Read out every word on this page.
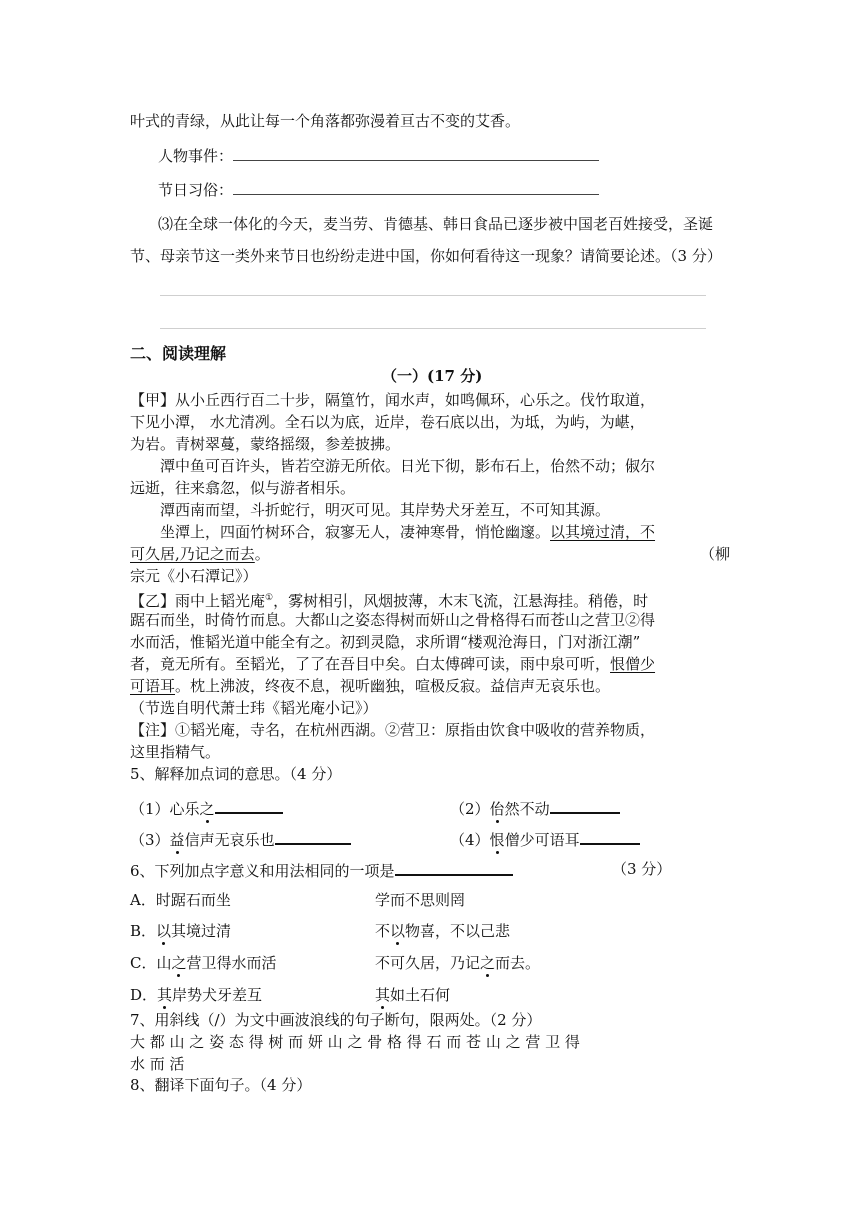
叶式的青绿，从此让每一个角落都弥漫着亘古不变的艾香。
人物事件：
节日习俗：
⑶在全球一体化的今天，麦当劳、肯德基、韩日食品已逐步被中国老百姓接受，圣诞
节、母亲节这一类外来节日也纷纷走进中国，你如何看待这一现象？请简要论述。（3 分）
二、阅读理解
（一）(17 分)
【甲】从小丘西行百二十步，隔篁竹，闻水声，如鸣佩环，心乐之。伐竹取道，
下见小潭， 水尤清冽。全石以为底，近岸，卷石底以出，为坻，为屿，为嵁，
为岩。青树翠蔓，蒙络摇缀，参差披拂。
潭中鱼可百许头，皆若空游无所依。日光下彻，影布石上，佁然不动；俶尔
远逝，往来翕忽，似与游者相乐。
潭西南而望，斗折蛇行，明灭可见。其岸势犬牙差互，不可知其源。
坐潭上，四面竹树环合，寂寥无人，凄神寒骨，悄怆幽邃。以其境过清，不
可久居,乃记之而去。	（柳
宗元《小石潭记》）
【乙】雨中上韬光庵①，雾树相引，风烟披薄，木末飞流，江悬海挂。稍倦，时
踞石而坐，时倚竹而息。大都山之姿态得树而妍山之骨格得石而苍山之营卫②得
水而活，惟韬光道中能全有之。初到灵隐，求所谓“楼观沧海日，门对浙江潮”
者，竟无所有。至韬光，了了在吾目中矣。白太傅碑可读，雨中泉可听，恨僧少
可语耳。枕上沸波，终夜不息，视听幽独，喧极反寂。益信声无哀乐也。
（节选自明代萧士玮《韬光庵小记》）
【注】①韬光庵，寺名，在杭州西湖。②营卫：原指由饮食中吸收的营养物质，
这里指精气。
5、解释加点词的意思。（4 分）
（1）心乐之	（2）佁然不动
（3）益信声无哀乐也	（4）恨僧少可语耳
6、下列加点字意义和用法相同的一项是	（3 分）
A．时踞石而坐	学而不思则罔
B．以其境过清	不以物喜，不以己悲
C．山之营卫得水而活	不可久居，乃记之而去。
D．其岸势犬牙差互	其如土石何
7、用斜线（/）为文中画波浪线的句子断句，限两处。（2 分）
大 都 山 之 姿 态 得 树 而 妍 山 之 骨 格 得 石 而 苍 山 之 营 卫 得
水 而 活
8、翻译下面句子。（4 分）
